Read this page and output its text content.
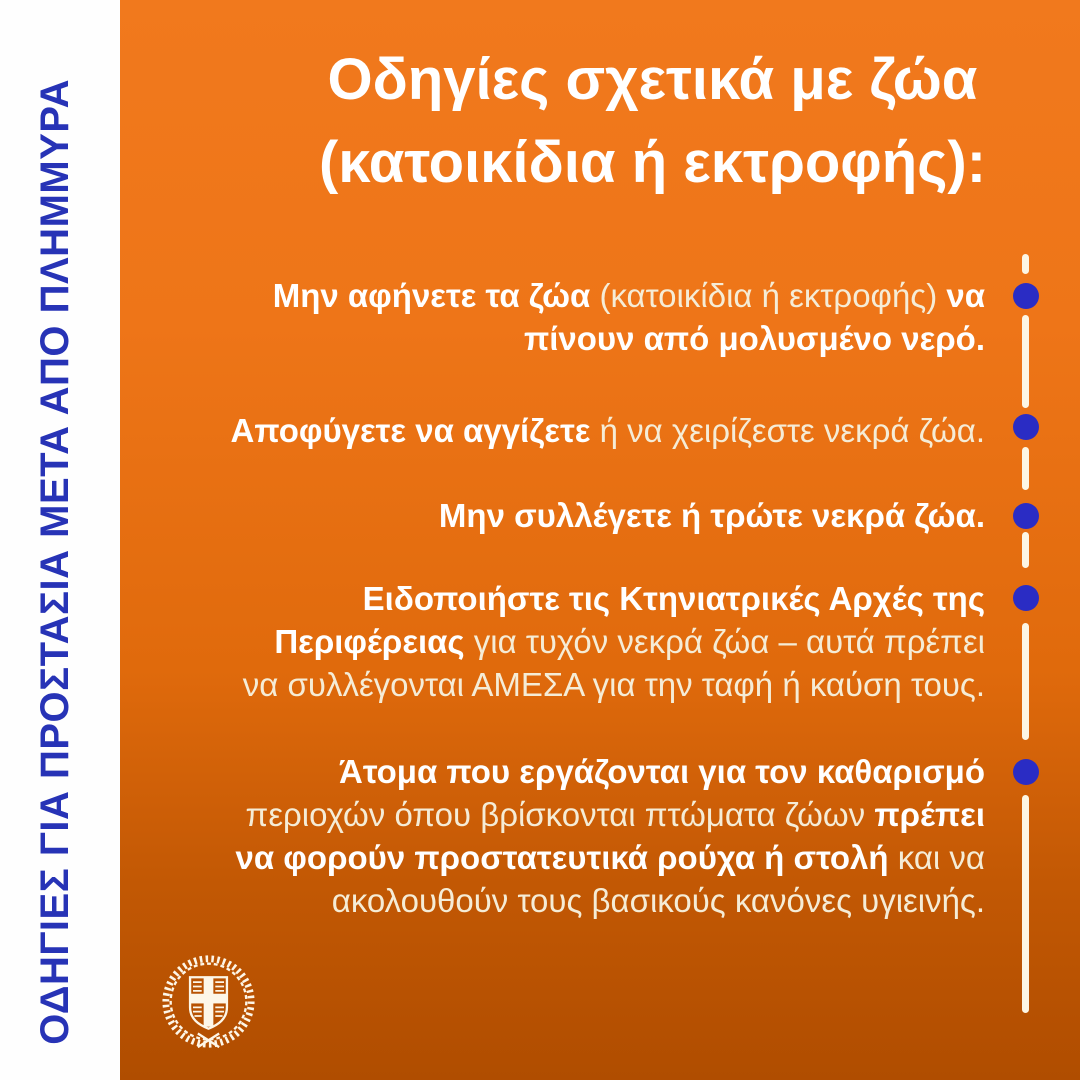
ΟΔΗΓΙΕΣ ΓΙΑ ΠΡΟΣΤΑΣΙΑ ΜΕΤΑ ΑΠΟ ΠΛΗΜΜΥΡΑ	Οδηγίες σχετικά με ζώα
(κατοικίδια ή εκτροφής):
Μην αφήνετε τα ζώα (κατοικίδια ή εκτροφής) να
πίνουν από μολυσμένο νερό.
Αποφύγετε να αγγίζετε ή να χειρίζεστε νεκρά ζώα.
Μην συλλέγετε ή τρώτε νεκρά ζώα.
Ειδοποιήστε τις Κτηνιατρικές Αρχές της
Περιφέρειας για τυχόν νεκρά ζώα – αυτά πρέπει
να συλλέγονται ΑΜΕΣΑ για την ταφή ή καύση τους.
Άτομα που εργάζονται για τον καθαρισμό
περιοχών όπου βρίσκονται πτώματα ζώων πρέπει
να φορούν προστατευτικά ρούχα ή στολή και να
ακολουθούν τους βασικούς κανόνες υγιεινής.
